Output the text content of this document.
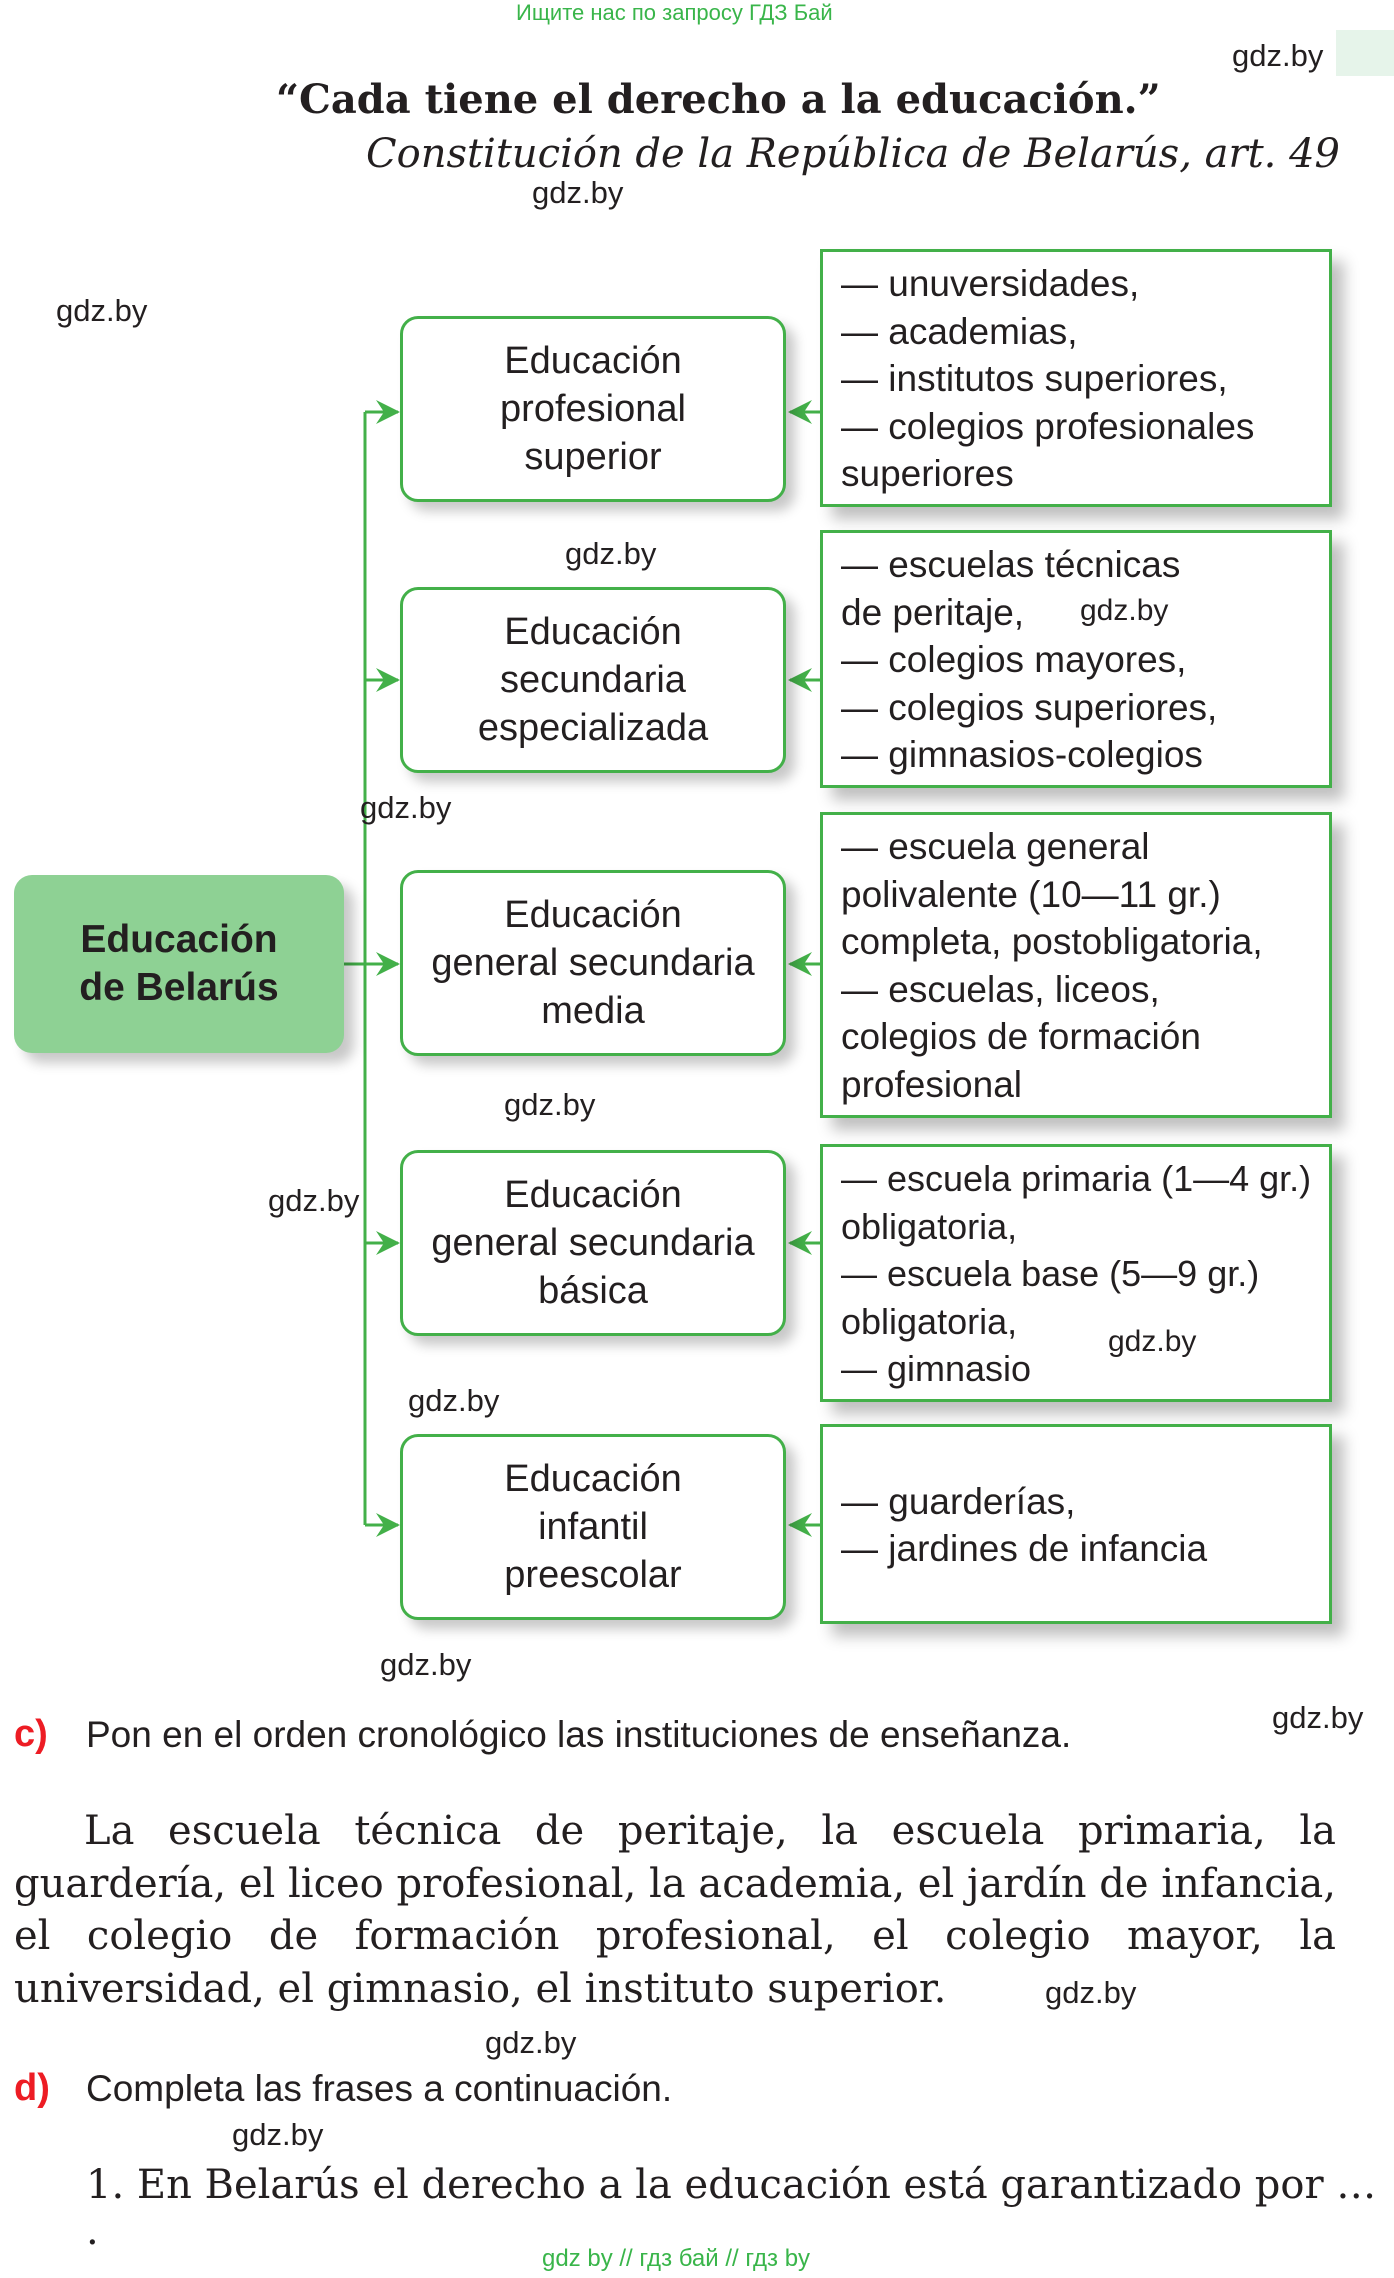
Ищите нас по запросу ГДЗ Бай
gdz.by
“Cada tiene el derecho a la educación.”
Constitución de la República de Belarús, art. 49
gdz.by
Educación
de Belarús
Educación
profesional
superior
Educación
secundaria
especializada
Educación
general secundaria
media
Educación
general secundaria
básica
Educación
infantil
preescolar
— unuversidades,
— academias,
— institutos superiores,
— colegios profesionales
superiores
— escuelas técnicas
de peritaje,
— colegios mayores,
— colegios superiores,
— gimnasios-colegios
— escuela general
polivalente (10—11 gr.)
completa, postobligatoria,
— escuelas, liceos,
colegios de formación
profesional
— escuela primaria (1—4 gr.)
obligatoria,
— escuela base (5—9 gr.)
obligatoria,
— gimnasio
— guarderías,
— jardines de infancia
gdz.by
gdz.by
gdz.by
gdz.by
gdz.by
gdz.by
gdz.by
gdz.by
gdz.by
gdz.by
c) Pon en el orden cronológico las instituciones de enseñanza.
La escuela técnica de peritaje, la escuela primaria, la guardería, el liceo profesional, la academia, el jardín de infancia, el colegio de formación profesional, el colegio mayor, la universidad, el gimnasio, el instituto superior.	gdz.by
gdz.by
d) Completa las frases a continuación.
gdz.by
1. En Belarús el derecho a la educación está garantizado por … .
gdz by // гдз бай // гдз by
